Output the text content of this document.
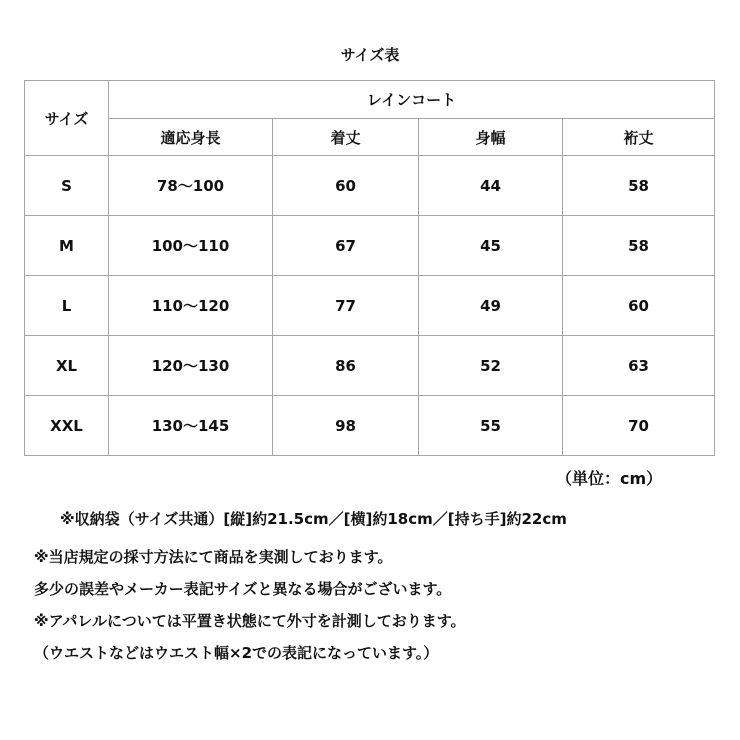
サイズ表
サイズ	レインコート			
	適応身長	着丈	身幅	裄丈
S	78〜100	60	44	58
M	100〜110	67	45	58
L	110〜120	77	49	60
XL	120〜130	86	52	63
XXL	130〜145	98	55	70
（単位：cm）
※収納袋（サイズ共通）[縦]約21.5cm／[横]約18cm／[持ち手]約22cm
※当店規定の採寸方法にて商品を実測しております。
多少の誤差やメーカー表記サイズと異なる場合がございます。
※アパレルについては平置き状態にて外寸を計測しております。
（ウエストなどはウエスト幅×2での表記になっています。）
